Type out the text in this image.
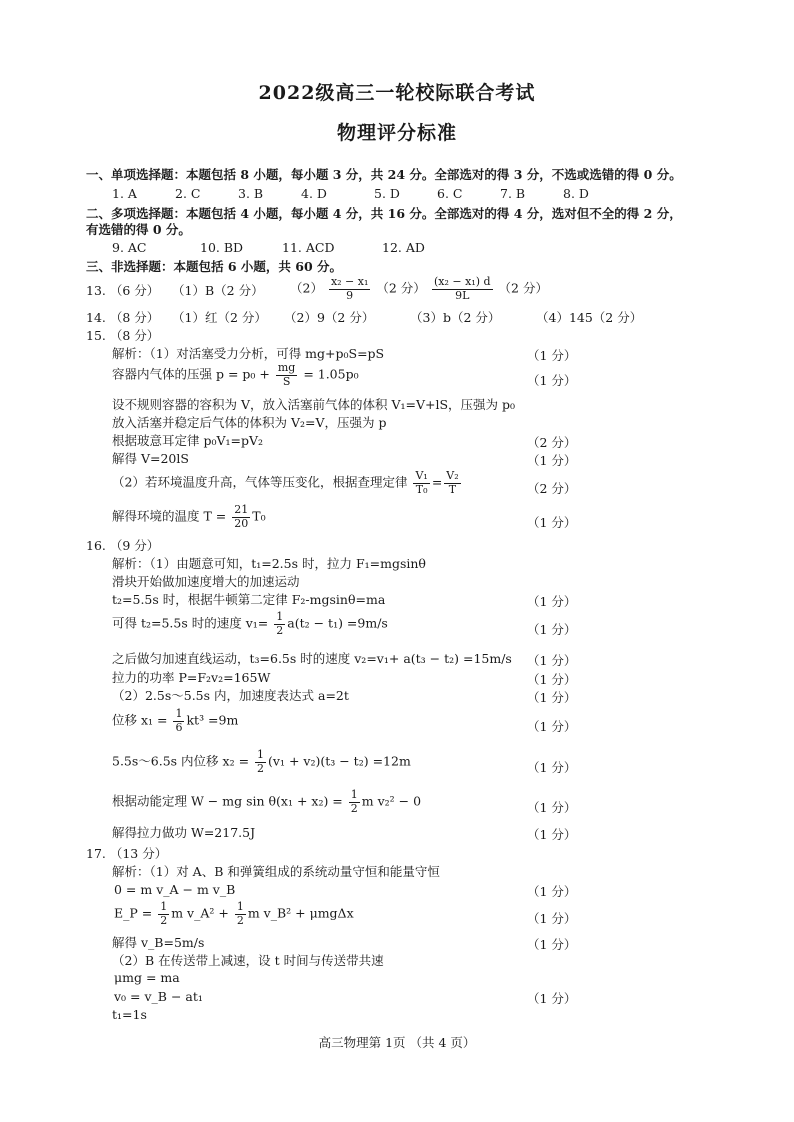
2022级高三一轮校际联合考试
物理评分标准
一、单项选择题：本题包括 8 小题，每小题 3 分，共 24 分。全部选对的得 3 分，不选或选错的得 0 分。
1. A	2. C	3. B	4. D	5. D	6. C	7. B	8. D
二、多项选择题：本题包括 4 小题，每小题 4 分，共 16 分。全部选对的得 4 分，选对但不全的得 2 分，
有选错的得 0 分。
9. AC	10. BD	11. ACD	12. AD
三、非选择题：本题包括 6 小题，共 60 分。
13. （6 分） （1）B（2 分） $(2) \frac{\text{x₂ − x₁}}{9} (2$ 分） $\frac{\text{(x₂ − x₁) d}}{9L} (2$ 分）
14. （8 分） （1）红（2 分） （2）9（2 分）	（3）b（2 分）	（4）145（2 分）
15. （8 分）
解析：（1）对活塞受力分析，可得 mg+p₀S=pS	（1 分）
容器内气体的压强 $p = p_0 + \frac{mg}{S} = 1.05p_0$	（1 分）
设不规则容器的容积为 V，放入活塞前气体的体积 V₁=V+lS，压强为 p₀
放入活塞并稳定后气体的体积为 V₂=V，压强为 p
根据玻意耳定律 p₀V₁=pV₂	（2 分）
解得 V=20lS	（1 分）
（2）若环境温度升高，气体等压变化，根据查理定律 $\frac{\text{V₁}}{\text{T₀}} = \frac{\text{V₂}}{T}$	（2 分）
解得环境的温度 $T = \frac{21}{20} T_0$	（1 分）
16. （9 分）
解析：（1）由题意可知，t₁=2.5s 时，拉力 F₁=mgsinθ
滑块开始做加速度增大的加速运动
t₂=5.5s 时，根据牛顿第二定律 F₂-mgsinθ=ma	（1 分）
可得 t₂=5.5s 时的速度 $v_1= \frac{1}{2} a(t_2 - t_1) =9m/s$	（1 分）
之后做匀加速直线运动，t₃=6.5s 时的速度 v₂=v₁+ a(t₃ − t₂) =15m/s （1 分）
拉力的功率 P=F₂v₂=165W	（1 分）
（2）2.5s～5.5s 内，加速度表达式 a=2t	（1 分）
位移 $x_1 = \frac{1}{6} kt^3 =9m$	（1 分）
5.5s～6.5s 内位移 $x_2 = \frac{1}{2} (v_1 + v_2)(t_3 - t_2) =12m$	（1 分）
根据动能定理 W − mg $\sin \theta(x_1 + x_2) = \frac{1}{2}$ m v₂² − 0	（1 分）
解得拉力做功 W=217.5J	（1 分）
17. （13 分）
解析：（1）对 A、B 和弹簧组成的系统动量守恒和能量守恒
0 = m v_A − m v_B	（1 分）
E_P = $\frac{1}{2}$ m v_A² + $\frac{1}{2}$ m v_B² + μmgΔx	（1 分）
解得 v_B=5m/s	（1 分）
（2）B 在传送带上减速，设 t 时间与传送带共速
μmg = ma
v₀ = v_B − at₁	（1 分）
t₁=1s
高三物理第 1页 （共 4 页）
